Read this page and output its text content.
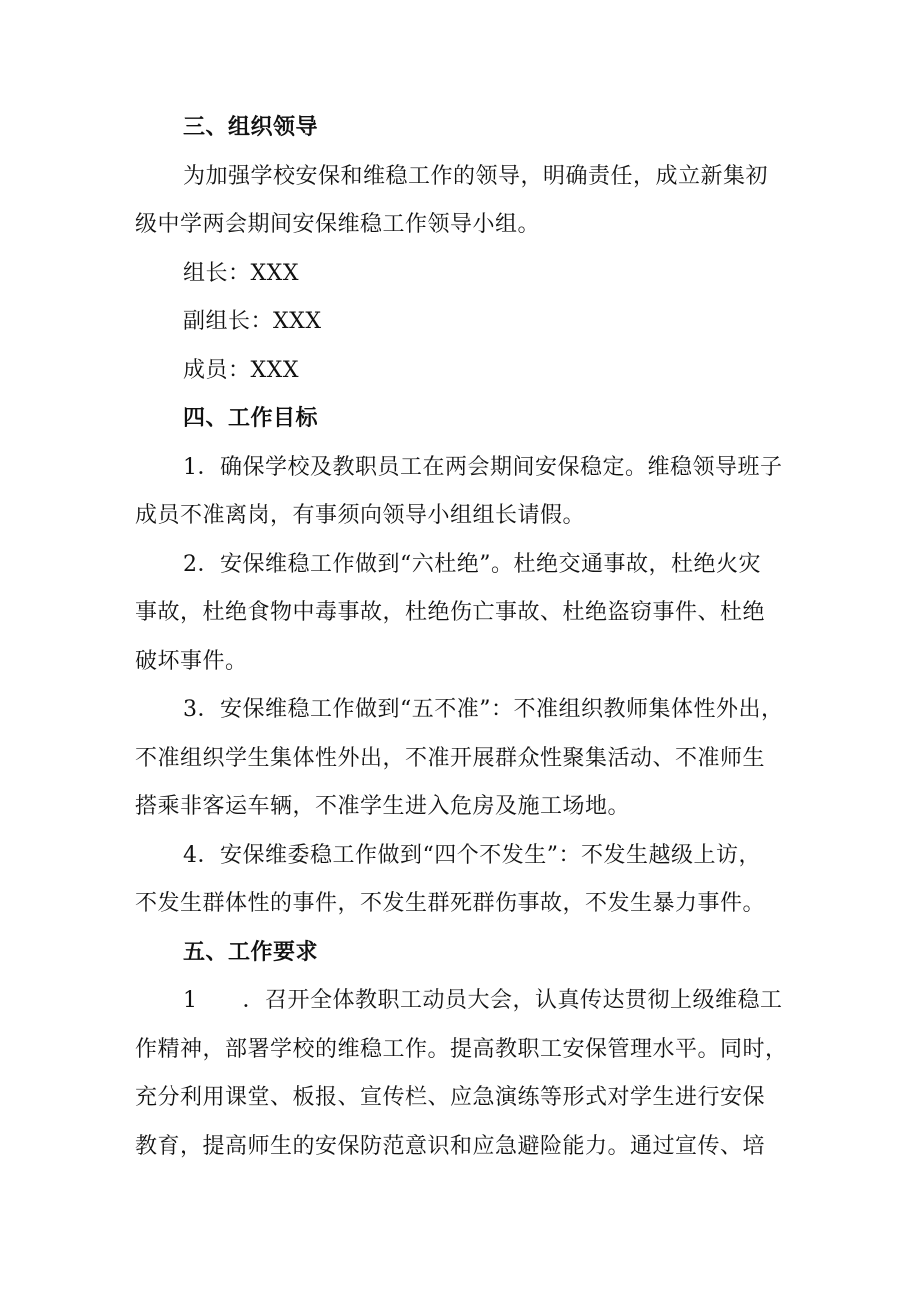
三、组织领导

为加强学校安保和维稳工作的领导，明确责任，成立新集初

级中学两会期间安保维稳工作领导小组。

组长：XXX

副组长：XXX

成员：XXX

四、工作目标

1．确保学校及教职员工在两会期间安保稳定。维稳领导班子

成员不准离岗，有事须向领导小组组长请假。

2．安保维稳工作做到“六杜绝”。杜绝交通事故，杜绝火灾

事故，杜绝食物中毒事故，杜绝伤亡事故、杜绝盗窃事件、杜绝

破坏事件。

3．安保维稳工作做到“五不准”：不准组织教师集体性外出，

不准组织学生集体性外出，不准开展群众性聚集活动、不准师生

搭乘非客运车辆，不准学生进入危房及施工场地。

4．安保维委稳工作做到“四个不发生”：不发生越级上访，

不发生群体性的事件，不发生群死群伤事故，不发生暴力事件。

五、工作要求

1　　．召开全体教职工动员大会，认真传达贯彻上级维稳工

作精神，部署学校的维稳工作。提高教职工安保管理水平。同时，

充分利用课堂、板报、宣传栏、应急演练等形式对学生进行安保

教育，提高师生的安保防范意识和应急避险能力。通过宣传、培
